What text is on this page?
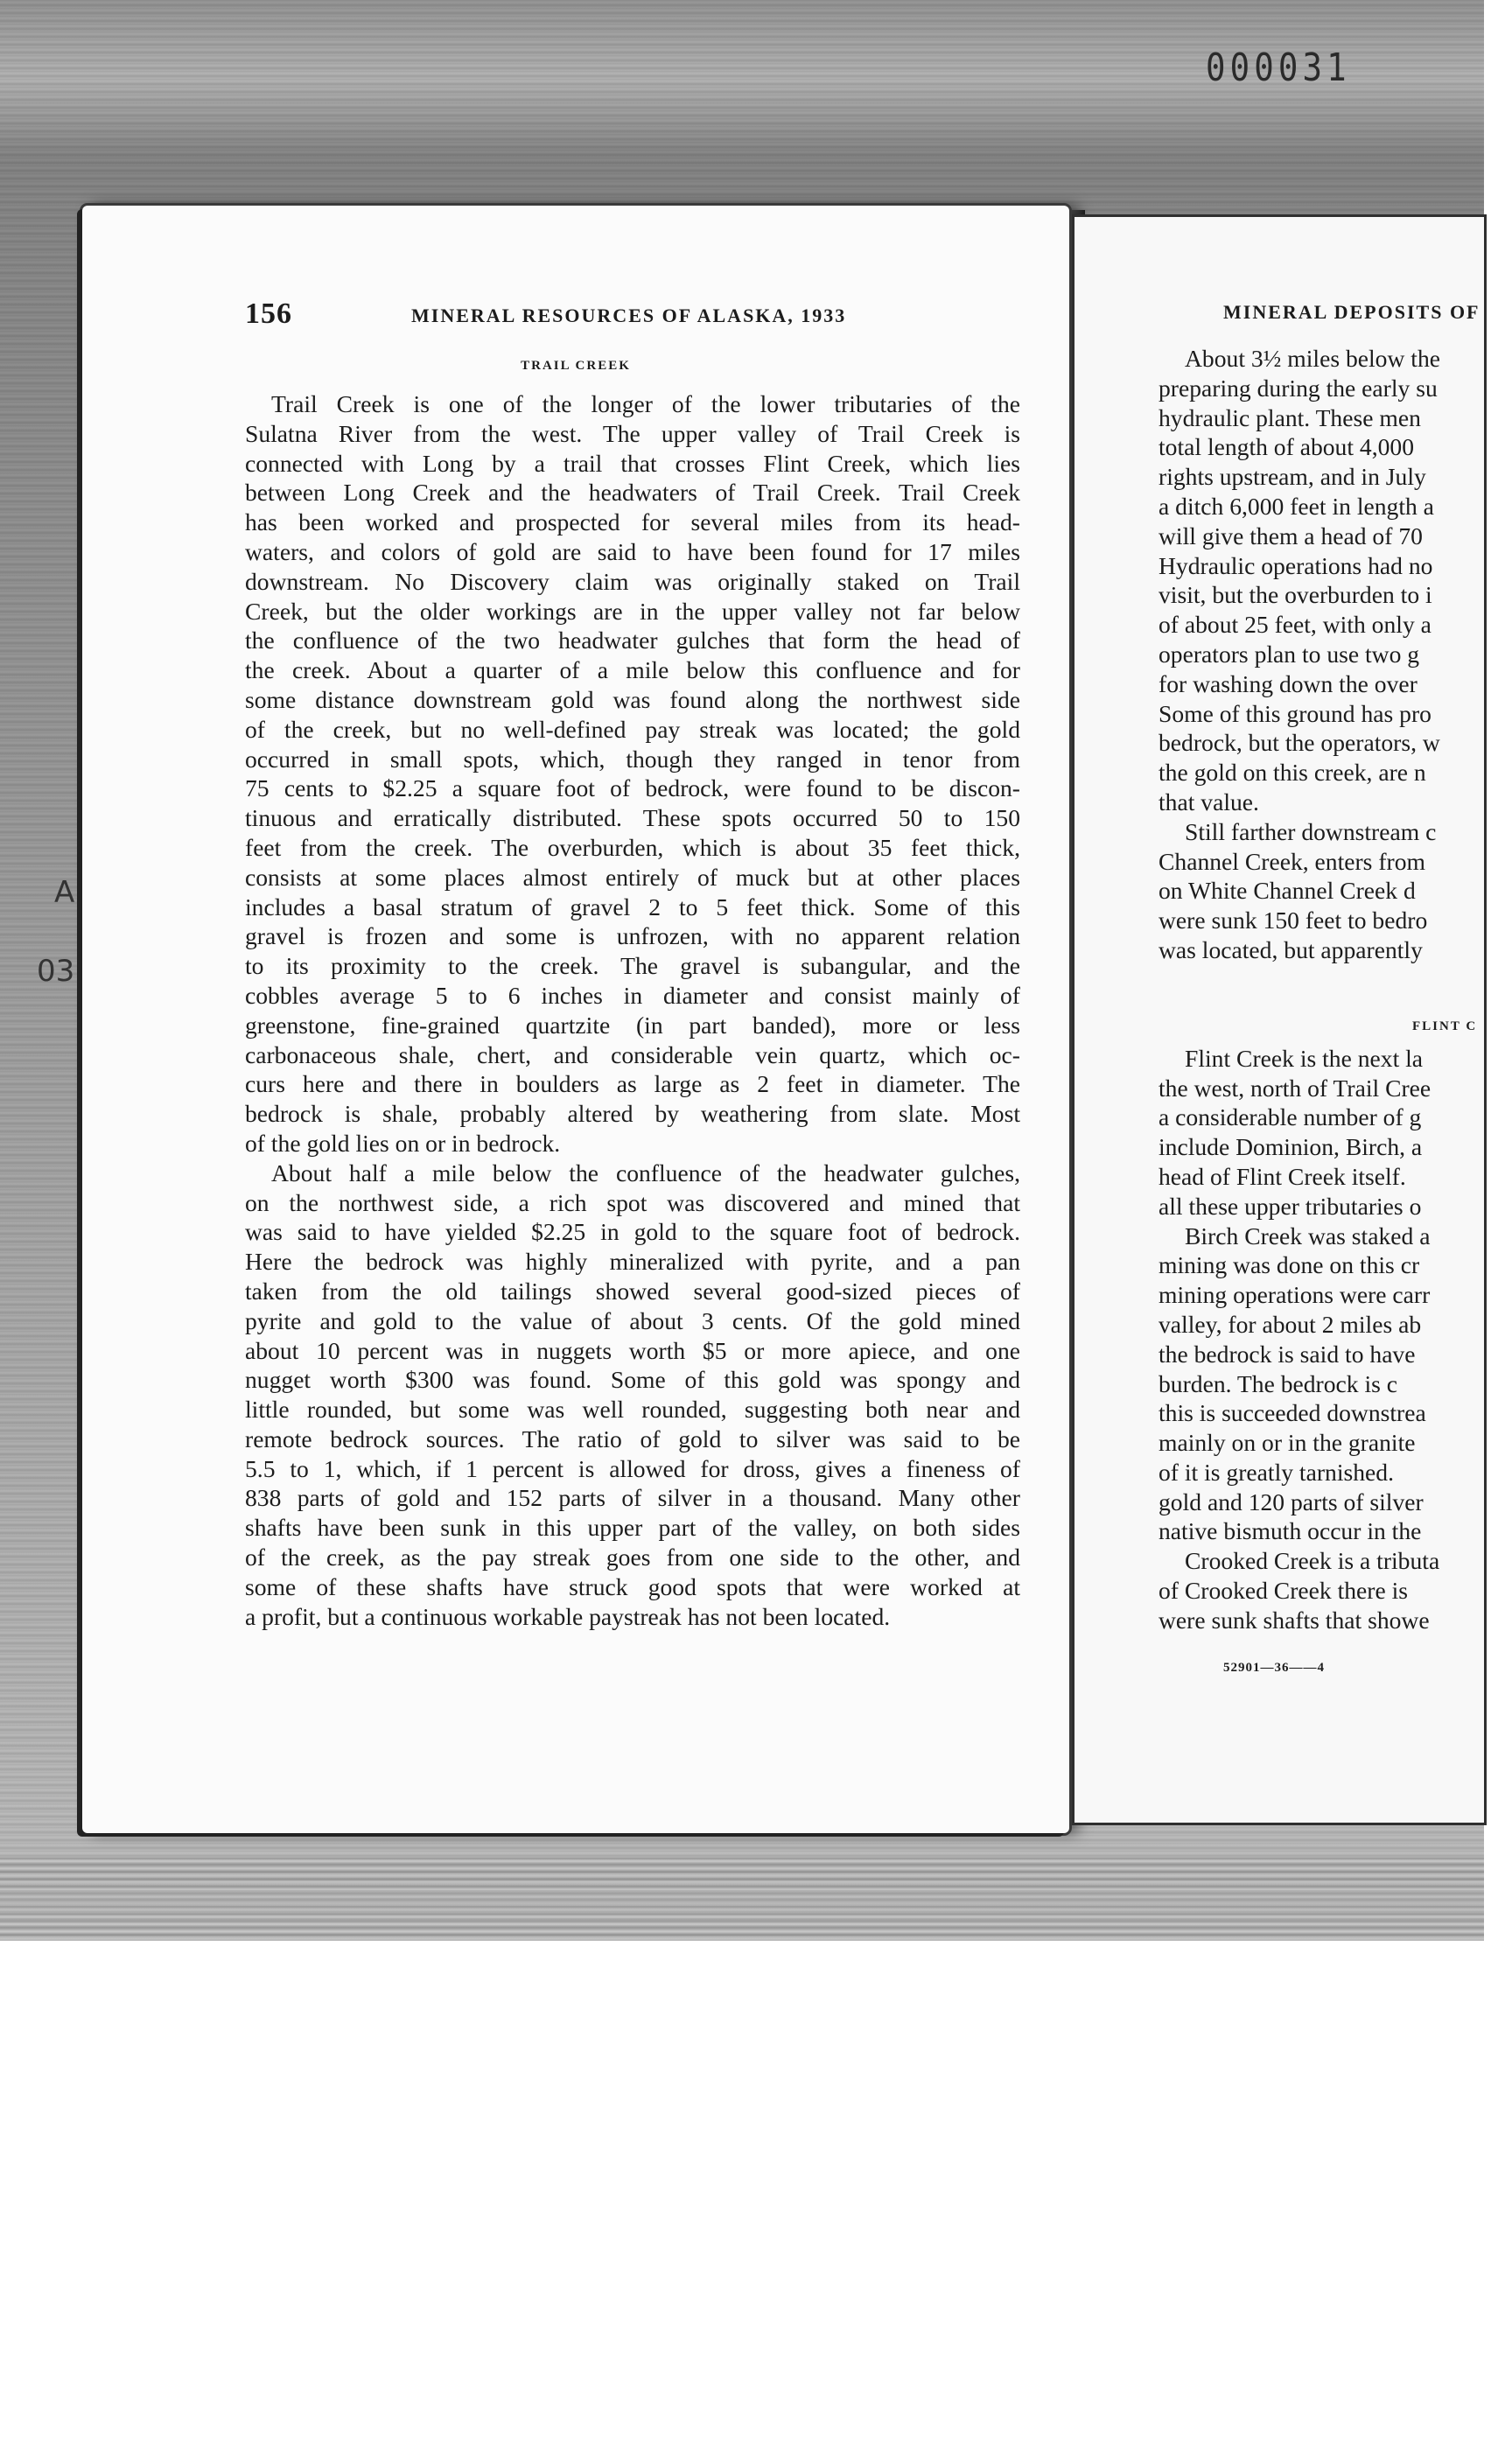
000031
A
03
156	MINERAL RESOURCES OF ALASKA, 1933
TRAIL CREEK
Trail Creek is one of the longer of the lower tributaries of the
Sulatna River from the west. The upper valley of Trail Creek is
connected with Long by a trail that crosses Flint Creek, which lies
between Long Creek and the headwaters of Trail Creek. Trail Creek
has been worked and prospected for several miles from its head-
waters, and colors of gold are said to have been found for 17 miles
downstream. No Discovery claim was originally staked on Trail
Creek, but the older workings are in the upper valley not far below
the confluence of the two headwater gulches that form the head of
the creek. About a quarter of a mile below this confluence and for
some distance downstream gold was found along the northwest side
of the creek, but no well-defined pay streak was located; the gold
occurred in small spots, which, though they ranged in tenor from
75 cents to $2.25 a square foot of bedrock, were found to be discon-
tinuous and erratically distributed. These spots occurred 50 to 150
feet from the creek. The overburden, which is about 35 feet thick,
consists at some places almost entirely of muck but at other places
includes a basal stratum of gravel 2 to 5 feet thick. Some of this
gravel is frozen and some is unfrozen, with no apparent relation
to its proximity to the creek. The gravel is subangular, and the
cobbles average 5 to 6 inches in diameter and consist mainly of
greenstone, fine-grained quartzite (in part banded), more or less
carbonaceous shale, chert, and considerable vein quartz, which oc-
curs here and there in boulders as large as 2 feet in diameter. The
bedrock is shale, probably altered by weathering from slate. Most
of the gold lies on or in bedrock.
About half a mile below the confluence of the headwater gulches,
on the northwest side, a rich spot was discovered and mined that
was said to have yielded $2.25 in gold to the square foot of bedrock.
Here the bedrock was highly mineralized with pyrite, and a pan
taken from the old tailings showed several good-sized pieces of
pyrite and gold to the value of about 3 cents. Of the gold mined
about 10 percent was in nuggets worth $5 or more apiece, and one
nugget worth $300 was found. Some of this gold was spongy and
little rounded, but some was well rounded, suggesting both near and
remote bedrock sources. The ratio of gold to silver was said to be
5.5 to 1, which, if 1 percent is allowed for dross, gives a fineness of
838 parts of gold and 152 parts of silver in a thousand. Many other
shafts have been sunk in this upper part of the valley, on both sides
of the creek, as the pay streak goes from one side to the other, and
some of these shafts have struck good spots that were worked at
a profit, but a continuous workable paystreak has not been located.
MINERAL DEPOSITS OF
About 3½ miles below the
preparing during the early su
hydraulic plant. These men
total length of about 4,000
rights upstream, and in July
a ditch 6,000 feet in length a
will give them a head of 70
Hydraulic operations had no
visit, but the overburden to i
of about 25 feet, with only a
operators plan to use two g
for washing down the over
Some of this ground has pro
bedrock, but the operators, w
the gold on this creek, are n
that value.
Still farther downstream c
Channel Creek, enters from
on White Channel Creek d
were sunk 150 feet to bedro
was located, but apparently
FLINT C
Flint Creek is the next la
the west, north of Trail Cree
a considerable number of g
include Dominion, Birch, a
head of Flint Creek itself.
all these upper tributaries o
Birch Creek was staked a
mining was done on this cr
mining operations were carr
valley, for about 2 miles ab
the bedrock is said to have
burden. The bedrock is c
this is succeeded downstrea
mainly on or in the granite
of it is greatly tarnished.
gold and 120 parts of silver
native bismuth occur in the
Crooked Creek is a tributa
of Crooked Creek there is
were sunk shafts that showe
52901—36——4
